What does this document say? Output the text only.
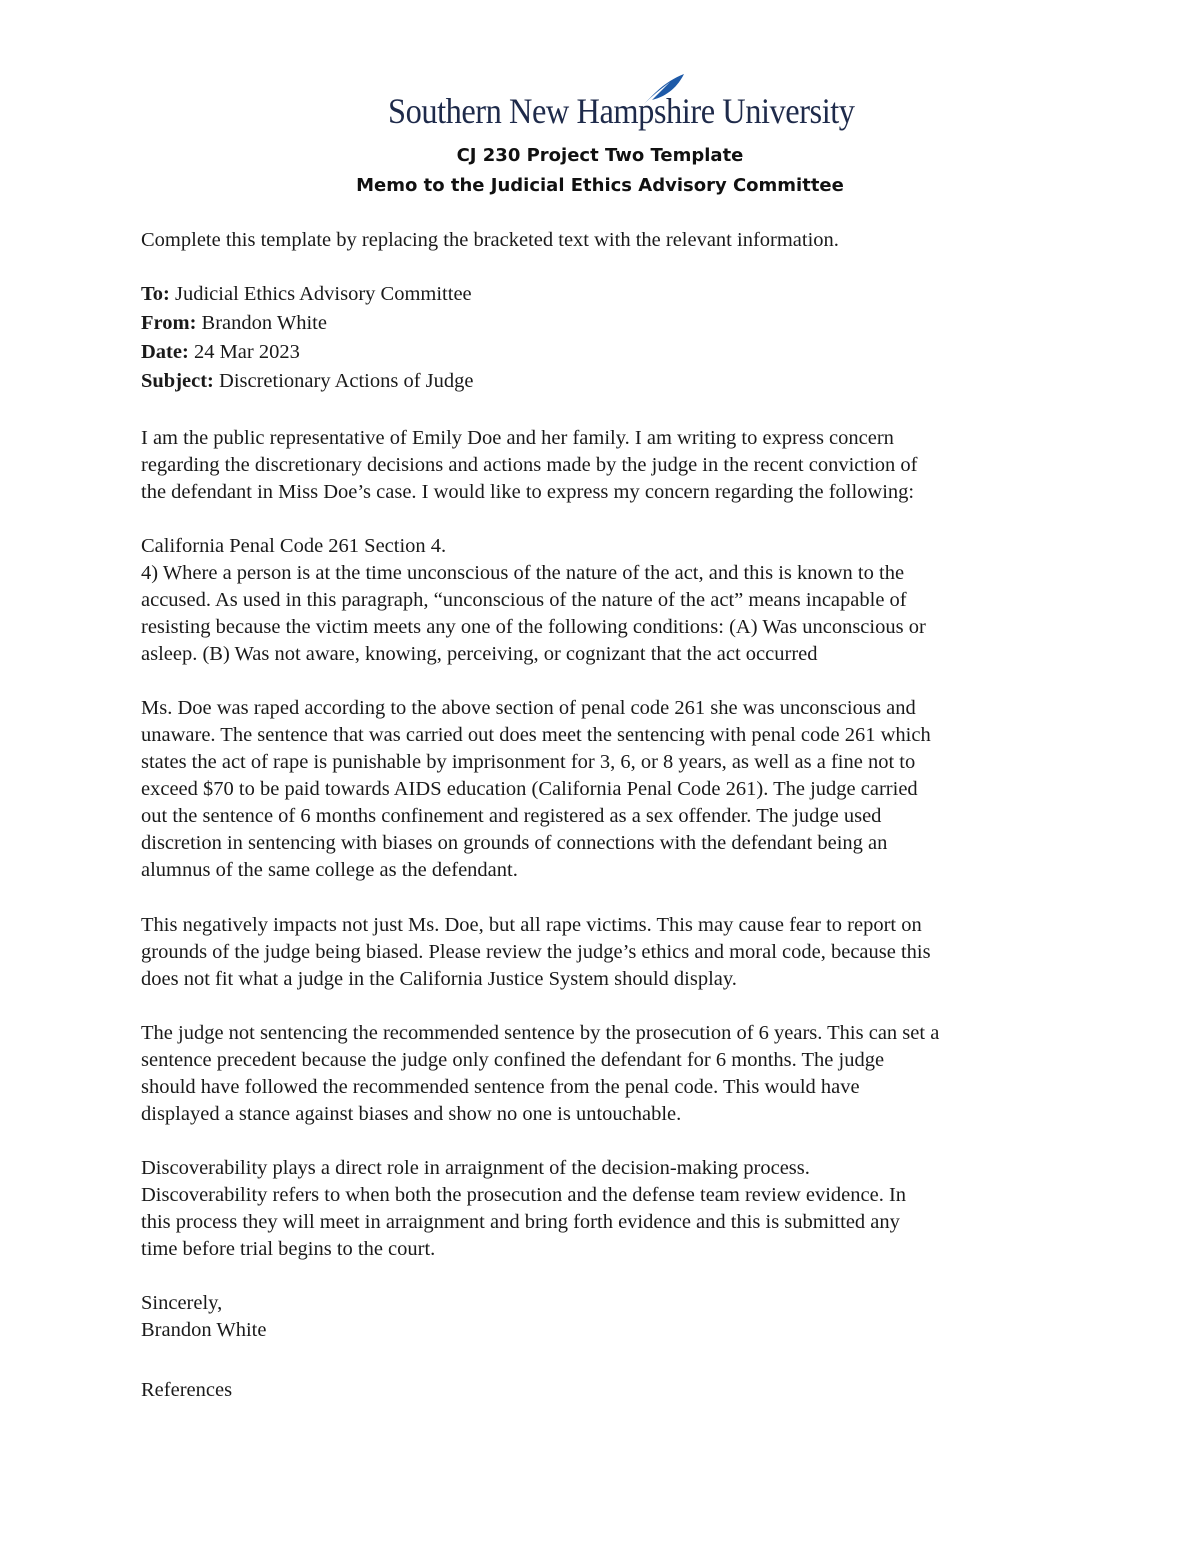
Southern New Hampshire University
CJ 230 Project Two Template
Memo to the Judicial Ethics Advisory Committee
Complete this template by replacing the bracketed text with the relevant information.
To: Judicial Ethics Advisory Committee
From: Brandon White
Date: 24 Mar 2023
Subject: Discretionary Actions of Judge
I am the public representative of Emily Doe and her family. I am writing to express concern
regarding the discretionary decisions and actions made by the judge in the recent conviction of
the defendant in Miss Doe’s case. I would like to express my concern regarding the following:
California Penal Code 261 Section 4.
4) Where a person is at the time unconscious of the nature of the act, and this is known to the
accused. As used in this paragraph, “unconscious of the nature of the act” means incapable of
resisting because the victim meets any one of the following conditions: (A) Was unconscious or
asleep. (B) Was not aware, knowing, perceiving, or cognizant that the act occurred
Ms. Doe was raped according to the above section of penal code 261 she was unconscious and
unaware. The sentence that was carried out does meet the sentencing with penal code 261 which
states the act of rape is punishable by imprisonment for 3, 6, or 8 years, as well as a fine not to
exceed $70 to be paid towards AIDS education (California Penal Code 261). The judge carried
out the sentence of 6 months confinement and registered as a sex offender. The judge used
discretion in sentencing with biases on grounds of connections with the defendant being an
alumnus of the same college as the defendant.
This negatively impacts not just Ms. Doe, but all rape victims. This may cause fear to report on
grounds of the judge being biased. Please review the judge’s ethics and moral code, because this
does not fit what a judge in the California Justice System should display.
The judge not sentencing the recommended sentence by the prosecution of 6 years. This can set a
sentence precedent because the judge only confined the defendant for 6 months. The judge
should have followed the recommended sentence from the penal code. This would have
displayed a stance against biases and show no one is untouchable.
Discoverability plays a direct role in arraignment of the decision-making process.
Discoverability refers to when both the prosecution and the defense team review evidence. In
this process they will meet in arraignment and bring forth evidence and this is submitted any
time before trial begins to the court.
Sincerely,
Brandon White
References
